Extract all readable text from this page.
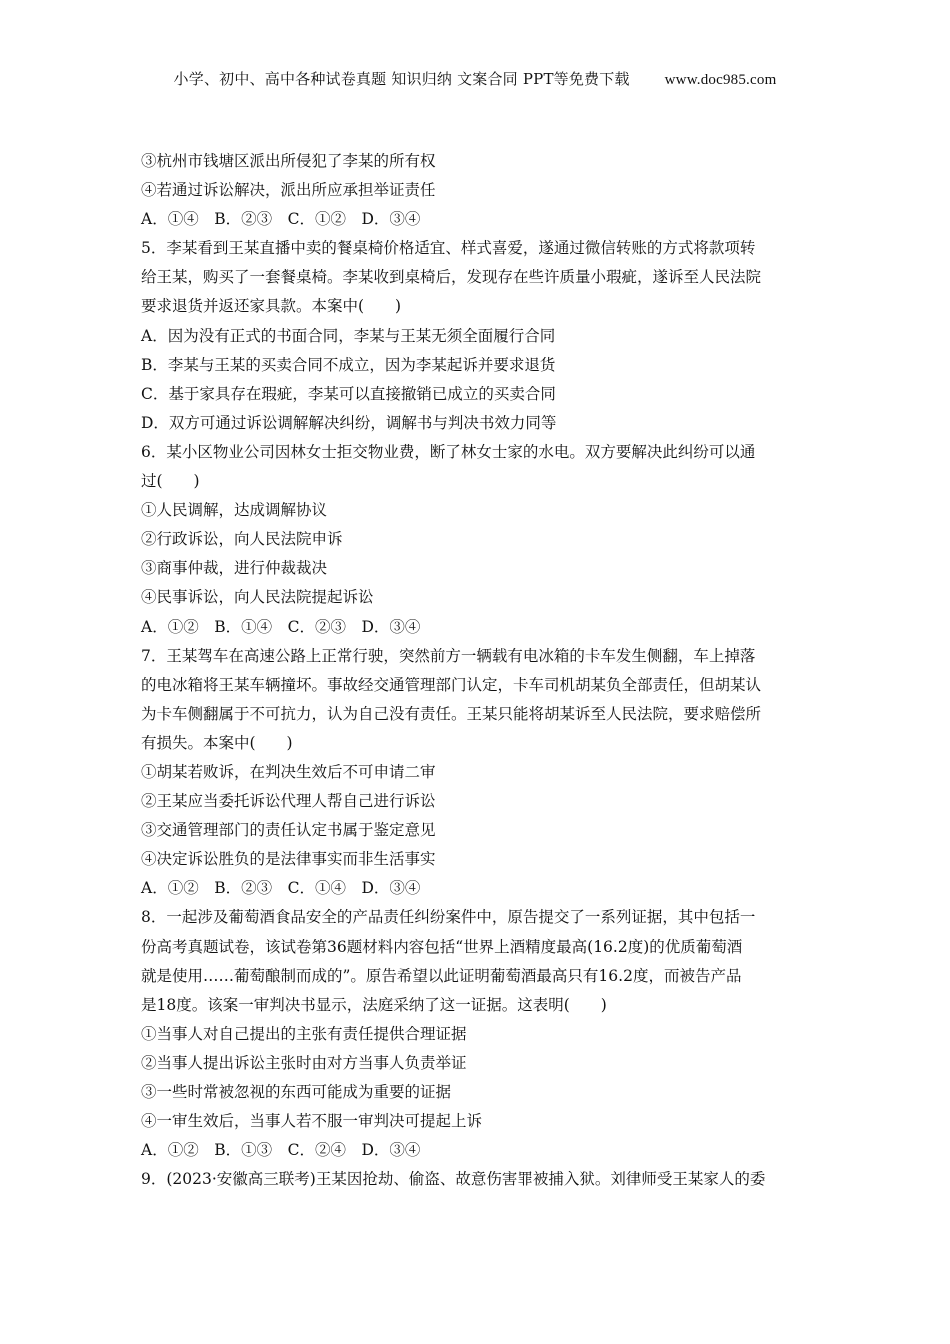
小学、初中、高中各种试卷真题 知识归纳 文案合同 PPT等免费下载 www.doc985.com
③杭州市钱塘区派出所侵犯了李某的所有权
④若通过诉讼解决，派出所应承担举证责任
A．①④　B．②③　C．①②　D．③④
5．李某看到王某直播中卖的餐桌椅价格适宜、样式喜爱，遂通过微信转账的方式将款项转
给王某，购买了一套餐桌椅。李某收到桌椅后，发现存在些许质量小瑕疵，遂诉至人民法院
要求退货并返还家具款。本案中(　　)
A．因为没有正式的书面合同，李某与王某无须全面履行合同
B．李某与王某的买卖合同不成立，因为李某起诉并要求退货
C．基于家具存在瑕疵，李某可以直接撤销已成立的买卖合同
D．双方可通过诉讼调解解决纠纷，调解书与判决书效力同等
6．某小区物业公司因林女士拒交物业费，断了林女士家的水电。双方要解决此纠纷可以通
过(　　)
①人民调解，达成调解协议
②行政诉讼，向人民法院申诉
③商事仲裁，进行仲裁裁决
④民事诉讼，向人民法院提起诉讼
A．①②　B．①④　C．②③　D．③④
7．王某驾车在高速公路上正常行驶，突然前方一辆载有电冰箱的卡车发生侧翻，车上掉落
的电冰箱将王某车辆撞坏。事故经交通管理部门认定，卡车司机胡某负全部责任，但胡某认
为卡车侧翻属于不可抗力，认为自己没有责任。王某只能将胡某诉至人民法院，要求赔偿所
有损失。本案中(　　)
①胡某若败诉，在判决生效后不可申请二审
②王某应当委托诉讼代理人帮自己进行诉讼
③交通管理部门的责任认定书属于鉴定意见
④决定诉讼胜负的是法律事实而非生活事实
A．①②　B．②③　C．①④　D．③④
8．一起涉及葡萄酒食品安全的产品责任纠纷案件中，原告提交了一系列证据，其中包括一
份高考真题试卷，该试卷第36题材料内容包括“世界上酒精度最高(16.2度)的优质葡萄酒
就是使用……葡萄酿制而成的”。原告希望以此证明葡萄酒最高只有16.2度，而被告产品
是18度。该案一审判决书显示，法庭采纳了这一证据。这表明(　　)
①当事人对自己提出的主张有责任提供合理证据
②当事人提出诉讼主张时由对方当事人负责举证
③一些时常被忽视的东西可能成为重要的证据
④一审生效后，当事人若不服一审判决可提起上诉
A．①②　B．①③　C．②④　D．③④
9．(2023·安徽高三联考)王某因抢劫、偷盗、故意伤害罪被捕入狱。刘律师受王某家人的委
